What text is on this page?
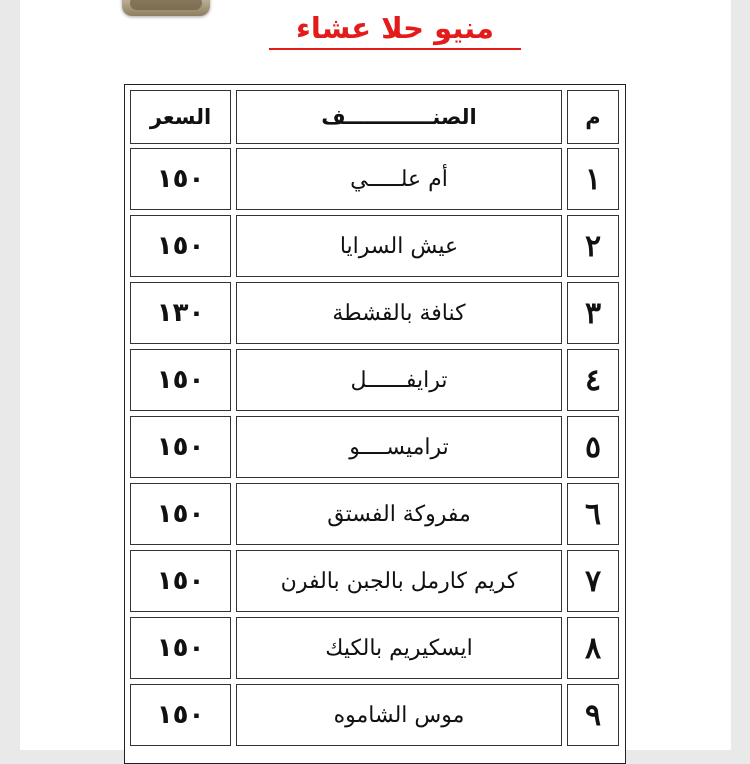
منيو حلا عشاء
م
الصنــــــــــــف
السعر
١
أم علـــــي
١٥٠
٢
عيش السرايا
١٥٠
٣
كنافة بالقشطة
١٣٠
٤
ترايفــــــل
١٥٠
٥
تراميســــو
١٥٠
٦
مفروكة الفستق
١٥٠
٧
كريم كارمل بالجبن بالفرن
١٥٠
٨
ايسكيريم بالكيك
١٥٠
٩
موس الشاموه
١٥٠
